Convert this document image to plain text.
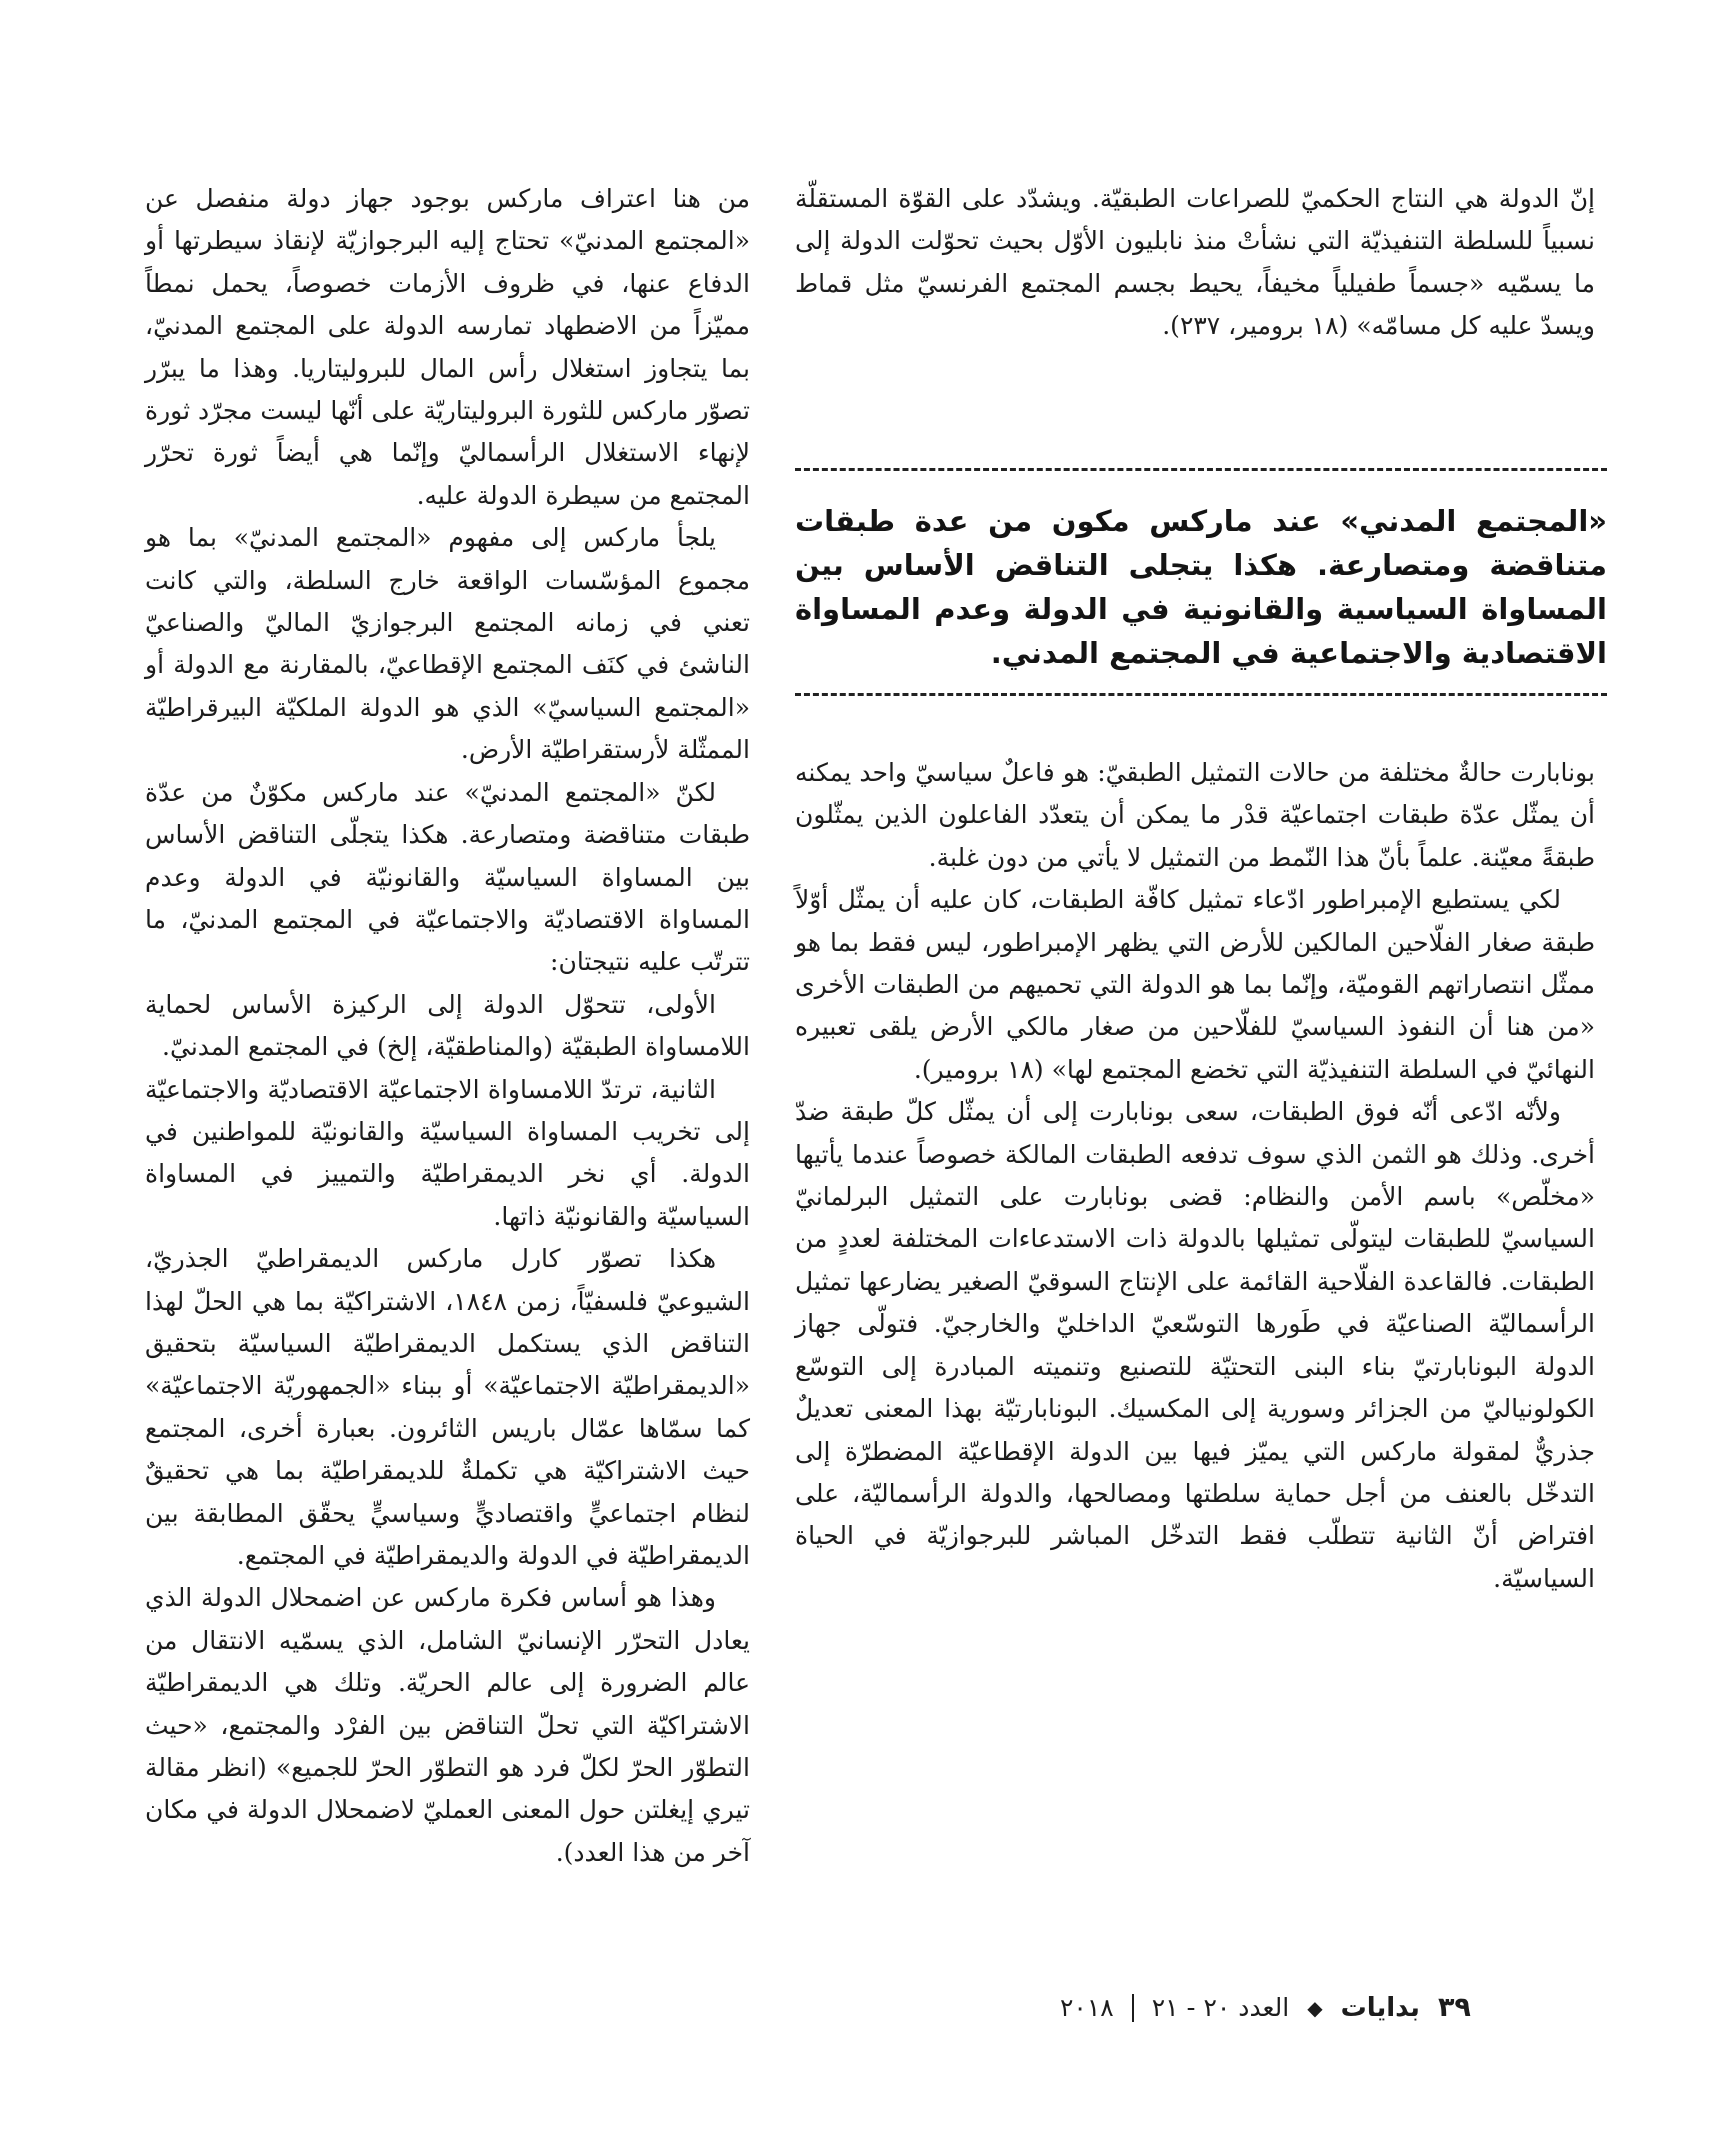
إنّ الدولة هي النتاج الحكميّ للصراعات الطبقيّة. ويشدّد على القوّة المستقلّة نسبياً للسلطة التنفيذيّة التي نشأتْ منذ نابليون الأوّل بحيث تحوّلت الدولة إلى ما يسمّيه «جسماً طفيلياً مخيفاً، يحيط بجسم المجتمع الفرنسيّ مثل قماط ويسدّ عليه كل مسامّه» (١٨ برومير، ٢٣٧).

«المجتمع المدني» عند ماركس مكون من عدة طبقات متناقضة ومتصارعة. هكذا يتجلى التناقض الأساس بين المساواة السياسية والقانونية في الدولة وعدم المساواة الاقتصادية والاجتماعية في المجتمع المدني.

بونابارت حالةٌ مختلفة من حالات التمثيل الطبقيّ: هو فاعلٌ سياسيّ واحد يمكنه أن يمثّل عدّة طبقات اجتماعيّة قدْر ما يمكن أن يتعدّد الفاعلون الذين يمثّلون طبقةً معيّنة. علماً بأنّ هذا النّمط من التمثيل لا يأتي من دون غلبة.

لكي يستطيع الإمبراطور ادّعاء تمثيل كافّة الطبقات، كان عليه أن يمثّل أوّلاً طبقة صغار الفلّاحين المالكين للأرض التي يظهر الإمبراطور، ليس فقط بما هو ممثّل انتصاراتهم القوميّة، وإنّما بما هو الدولة التي تحميهم من الطبقات الأخرى «من هنا أن النفوذ السياسيّ للفلّاحين من صغار مالكي الأرض يلقى تعبيره النهائيّ في السلطة التنفيذيّة التي تخضع المجتمع لها» (١٨ برومير).

ولأنّه ادّعى أنّه فوق الطبقات، سعى بونابارت إلى أن يمثّل كلّ طبقة ضدّ أخرى. وذلك هو الثمن الذي سوف تدفعه الطبقات المالكة خصوصاً عندما يأتيها «مخلّص» باسم الأمن والنظام: قضى بونابارت على التمثيل البرلمانيّ السياسيّ للطبقات ليتولّى تمثيلها بالدولة ذات الاستدعاءات المختلفة لعددٍ من الطبقات. فالقاعدة الفلّاحية القائمة على الإنتاج السوقيّ الصغير يضارعها تمثيل الرأسماليّة الصناعيّة في طَورها التوسّعيّ الداخليّ والخارجيّ. فتولّى جهاز الدولة البونابارتيّ بناء البنى التحتيّة للتصنيع وتنميته المبادرة إلى التوسّع الكولونياليّ من الجزائر وسورية إلى المكسيك. البونابارتيّة بهذا المعنى تعديلٌ جذريٌّ لمقولة ماركس التي يميّز فيها بين الدولة الإقطاعيّة المضطرّة إلى التدخّل بالعنف من أجل حماية سلطتها ومصالحها، والدولة الرأسماليّة، على افتراض أنّ الثانية تتطلّب فقط التدخّل المباشر للبرجوازيّة في الحياة السياسيّة.

من هنا اعتراف ماركس بوجود جهاز دولة منفصل عن «المجتمع المدنيّ» تحتاج إليه البرجوازيّة لإنقاذ سيطرتها أو الدفاع عنها، في ظروف الأزمات خصوصاً، يحمل نمطاً مميّزاً من الاضطهاد تمارسه الدولة على المجتمع المدنيّ، بما يتجاوز استغلال رأس المال للبروليتاريا. وهذا ما يبرّر تصوّر ماركس للثورة البروليتاريّة على أنّها ليست مجرّد ثورة لإنهاء الاستغلال الرأسماليّ وإنّما هي أيضاً ثورة تحرّر المجتمع من سيطرة الدولة عليه.

يلجأ ماركس إلى مفهوم «المجتمع المدنيّ» بما هو مجموع المؤسّسات الواقعة خارج السلطة، والتي كانت تعني في زمانه المجتمع البرجوازيّ الماليّ والصناعيّ الناشئ في كنَف المجتمع الإقطاعيّ، بالمقارنة مع الدولة أو «المجتمع السياسيّ» الذي هو الدولة الملكيّة البيرقراطيّة الممثّلة لأرستقراطيّة الأرض.

لكنّ «المجتمع المدنيّ» عند ماركس مكوّنٌ من عدّة طبقات متناقضة ومتصارعة. هكذا يتجلّى التناقض الأساس بين المساواة السياسيّة والقانونيّة في الدولة وعدم المساواة الاقتصاديّة والاجتماعيّة في المجتمع المدنيّ، ما تترتّب عليه نتيجتان:

الأولى، تتحوّل الدولة إلى الركيزة الأساس لحماية اللامساواة الطبقيّة (والمناطقيّة، إلخ) في المجتمع المدنيّ.

الثانية، ترتدّ اللامساواة الاجتماعيّة الاقتصاديّة والاجتماعيّة إلى تخريب المساواة السياسيّة والقانونيّة للمواطنين في الدولة. أي نخر الديمقراطيّة والتمييز في المساواة السياسيّة والقانونيّة ذاتها.

هكذا تصوّر كارل ماركس الديمقراطيّ الجذريّ، الشيوعيّ فلسفيّاً، زمن ١٨٤٨، الاشتراكيّة بما هي الحلّ لهذا التناقض الذي يستكمل الديمقراطيّة السياسيّة بتحقيق «الديمقراطيّة الاجتماعيّة» أو ببناء «الجمهوريّة الاجتماعيّة» كما سمّاها عمّال باريس الثائرون. بعبارة أخرى، المجتمع حيث الاشتراكيّة هي تكملةٌ للديمقراطيّة بما هي تحقيقٌ لنظام اجتماعيٍّ واقتصاديٍّ وسياسيٍّ يحقّق المطابقة بين الديمقراطيّة في الدولة والديمقراطيّة في المجتمع.

وهذا هو أساس فكرة ماركس عن اضمحلال الدولة الذي يعادل التحرّر الإنسانيّ الشامل، الذي يسمّيه الانتقال من عالم الضرورة إلى عالم الحريّة. وتلك هي الديمقراطيّة الاشتراكيّة التي تحلّ التناقض بين الفرْد والمجتمع، «حيث التطوّر الحرّ لكلّ فرد هو التطوّر الحرّ للجميع» (انظر مقالة تيري إيغلتن حول المعنى العمليّ لاضمحلال الدولة في مكان آخر من هذا العدد).

٣٩
بدايات
◆
العدد ٢٠ - ٢١
٢٠١٨
